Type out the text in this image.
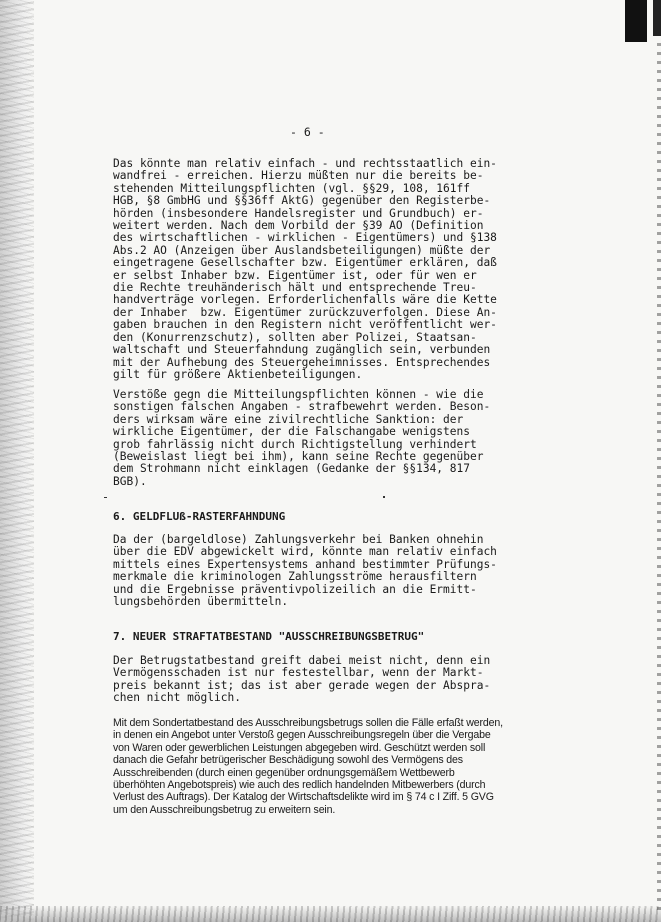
- 6 -

Das könnte man relativ einfach - und rechtsstaatlich ein-
wandfrei - erreichen. Hierzu müßten nur die bereits be-
stehenden Mitteilungspflichten (vgl. §§29, 108, 161ff
HGB, §8 GmbHG und §§36ff AktG) gegenüber den Registerbe-
hörden (insbesondere Handelsregister und Grundbuch) er-
weitert werden. Nach dem Vorbild der §39 AO (Definition
des wirtschaftlichen - wirklichen - Eigentümers) und §138
Abs.2 AO (Anzeigen über Auslandsbeteiligungen) müßte der
eingetragene Gesellschafter bzw. Eigentümer erklären, daß
er selbst Inhaber bzw. Eigentümer ist, oder für wen er
die Rechte treuhänderisch hält und entsprechende Treu-
handverträge vorlegen. Erforderlichenfalls wäre die Kette
der Inhaber  bzw. Eigentümer zurückzuverfolgen. Diese An-
gaben brauchen in den Registern nicht veröffentlicht wer-
den (Konurrenzschutz), sollten aber Polizei, Staatsan-
waltschaft und Steuerfahndung zugänglich sein, verbunden
mit der Aufhebung des Steuergeheimnisses. Entsprechendes
gilt für größere Aktienbeteiligungen.

Verstöße gegn die Mitteilungspflichten können - wie die
sonstigen falschen Angaben - strafbewehrt werden. Beson-
ders wirksam wäre eine zivilrechtliche Sanktion: der
wirkliche Eigentümer, der die Falschangabe wenigstens
grob fahrlässig nicht durch Richtigstellung verhindert
(Beweislast liegt bei ihm), kann seine Rechte gegenüber
dem Strohmann nicht einklagen (Gedanke der §§134, 817
BGB).

6. GELDFLUß-RASTERFAHNDUNG

Da der (bargeldlose) Zahlungsverkehr bei Banken ohnehin
über die EDV abgewickelt wird, könnte man relativ einfach
mittels eines Expertensystems anhand bestimmter Prüfungs-
merkmale die kriminologen Zahlungsströme herausfiltern
und die Ergebnisse präventivpolizeilich an die Ermitt-
lungsbehörden übermitteln.

7. NEUER STRAFTATBESTAND "AUSSCHREIBUNGSBETRUG"

Der Betrugstatbestand greift dabei meist nicht, denn ein
Vermögensschaden ist nur festestellbar, wenn der Markt-
preis bekannt ist; das ist aber gerade wegen der Abspra-
chen nicht möglich.

Mit dem Sondertatbestand des Ausschreibungsbetrugs sollen die Fälle erfaßt werden,
in denen ein Angebot unter Verstoß gegen Ausschreibungsregeln über die Vergabe
von Waren oder gewerblichen Leistungen abgegeben wird. Geschützt werden soll
danach die Gefahr betrügerischer Beschädigung sowohl des Vermögens des
Ausschreibenden (durch einen gegenüber ordnungsgemäßem Wettbewerb
überhöhten Angebotspreis) wie auch des redlich handelnden Mitbewerbers (durch
Verlust des Auftrags). Der Katalog der Wirtschaftsdelikte wird im § 74 c I Ziff. 5 GVG
um den Ausschreibungsbetrug zu erweitern sein.
